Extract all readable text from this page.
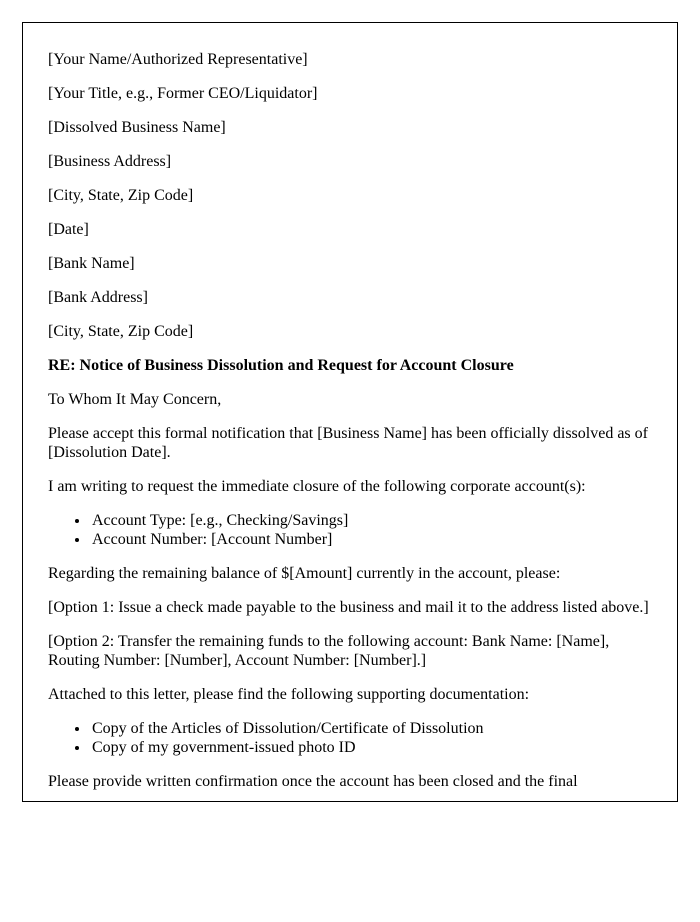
[Your Name/Authorized Representative]

[Your Title, e.g., Former CEO/Liquidator]

[Dissolved Business Name]

[Business Address]

[City, State, Zip Code]

[Date]

[Bank Name]

[Bank Address]

[City, State, Zip Code]

RE: Notice of Business Dissolution and Request for Account Closure

To Whom It May Concern,

Please accept this formal notification that [Business Name] has been officially dissolved as of [Dissolution Date].

I am writing to request the immediate closure of the following corporate account(s):

• Account Type: [e.g., Checking/Savings]
• Account Number: [Account Number]

Regarding the remaining balance of $[Amount] currently in the account, please:

[Option 1: Issue a check made payable to the business and mail it to the address listed above.]

[Option 2: Transfer the remaining funds to the following account: Bank Name: [Name], Routing Number: [Number], Account Number: [Number].]

Attached to this letter, please find the following supporting documentation:

• Copy of the Articles of Dissolution/Certificate of Dissolution
• Copy of my government-issued photo ID

Please provide written confirmation once the account has been closed and the final
